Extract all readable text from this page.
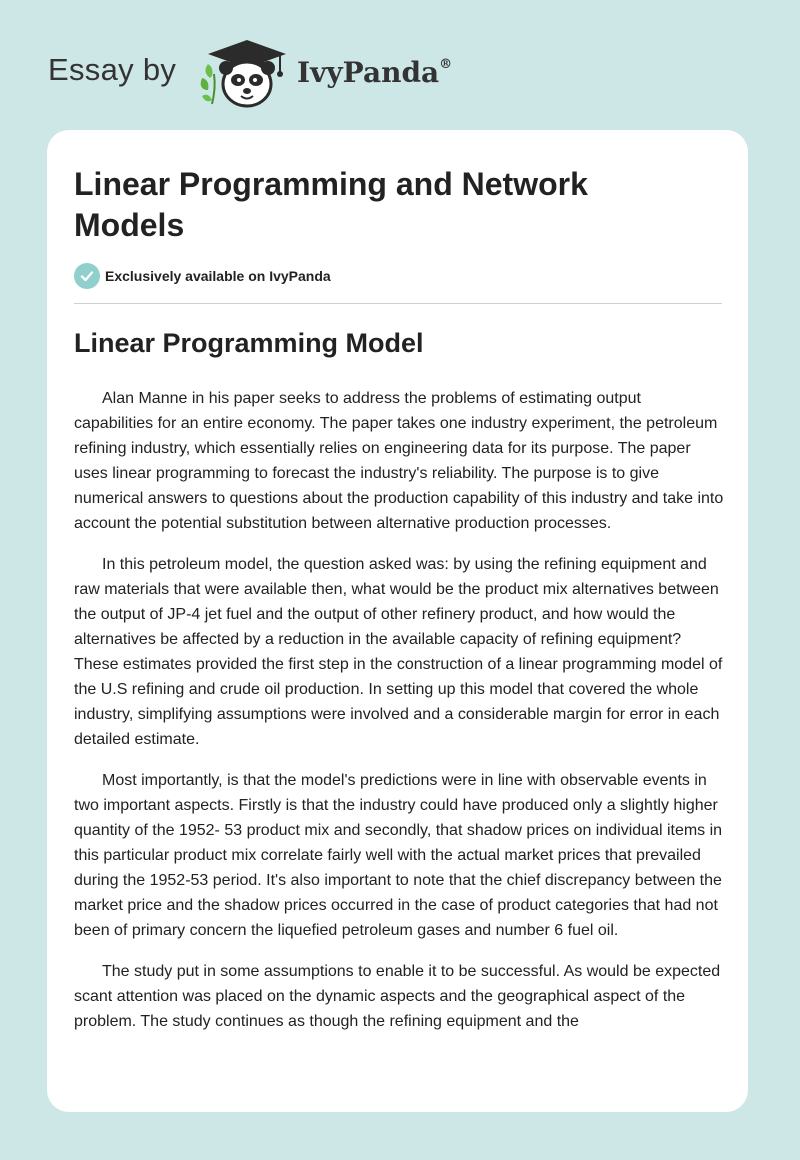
Essay by	IvyPanda®
Linear Programming and Network Models
Exclusively available on IvyPanda
Linear Programming Model

Alan Manne in his paper seeks to address the problems of estimating output capabilities for an entire economy. The paper takes one industry experiment, the petroleum refining industry, which essentially relies on engineering data for its purpose. The paper uses linear programming to forecast the industry's reliability. The purpose is to give numerical answers to questions about the production capability of this industry and take into account the potential substitution between alternative production processes.

In this petroleum model, the question asked was: by using the refining equipment and raw materials that were available then, what would be the product mix alternatives between the output of JP-4 jet fuel and the output of other refinery product, and how would the alternatives be affected by a reduction in the available capacity of refining equipment? These estimates provided the first step in the construction of a linear programming model of the U.S refining and crude oil production. In setting up this model that covered the whole industry, simplifying assumptions were involved and a considerable margin for error in each detailed estimate.

Most importantly, is that the model's predictions were in line with observable events in two important aspects. Firstly is that the industry could have produced only a slightly higher quantity of the 1952- 53 product mix and secondly, that shadow prices on individual items in this particular product mix correlate fairly well with the actual market prices that prevailed during the 1952-53 period. It's also important to note that the chief discrepancy between the market price and the shadow prices occurred in the case of product categories that had not been of primary concern the liquefied petroleum gases and number 6 fuel oil.

The study put in some assumptions to enable it to be successful. As would be expected scant attention was placed on the dynamic aspects and the geographical aspect of the problem. The study continues as though the refining equipment and the
